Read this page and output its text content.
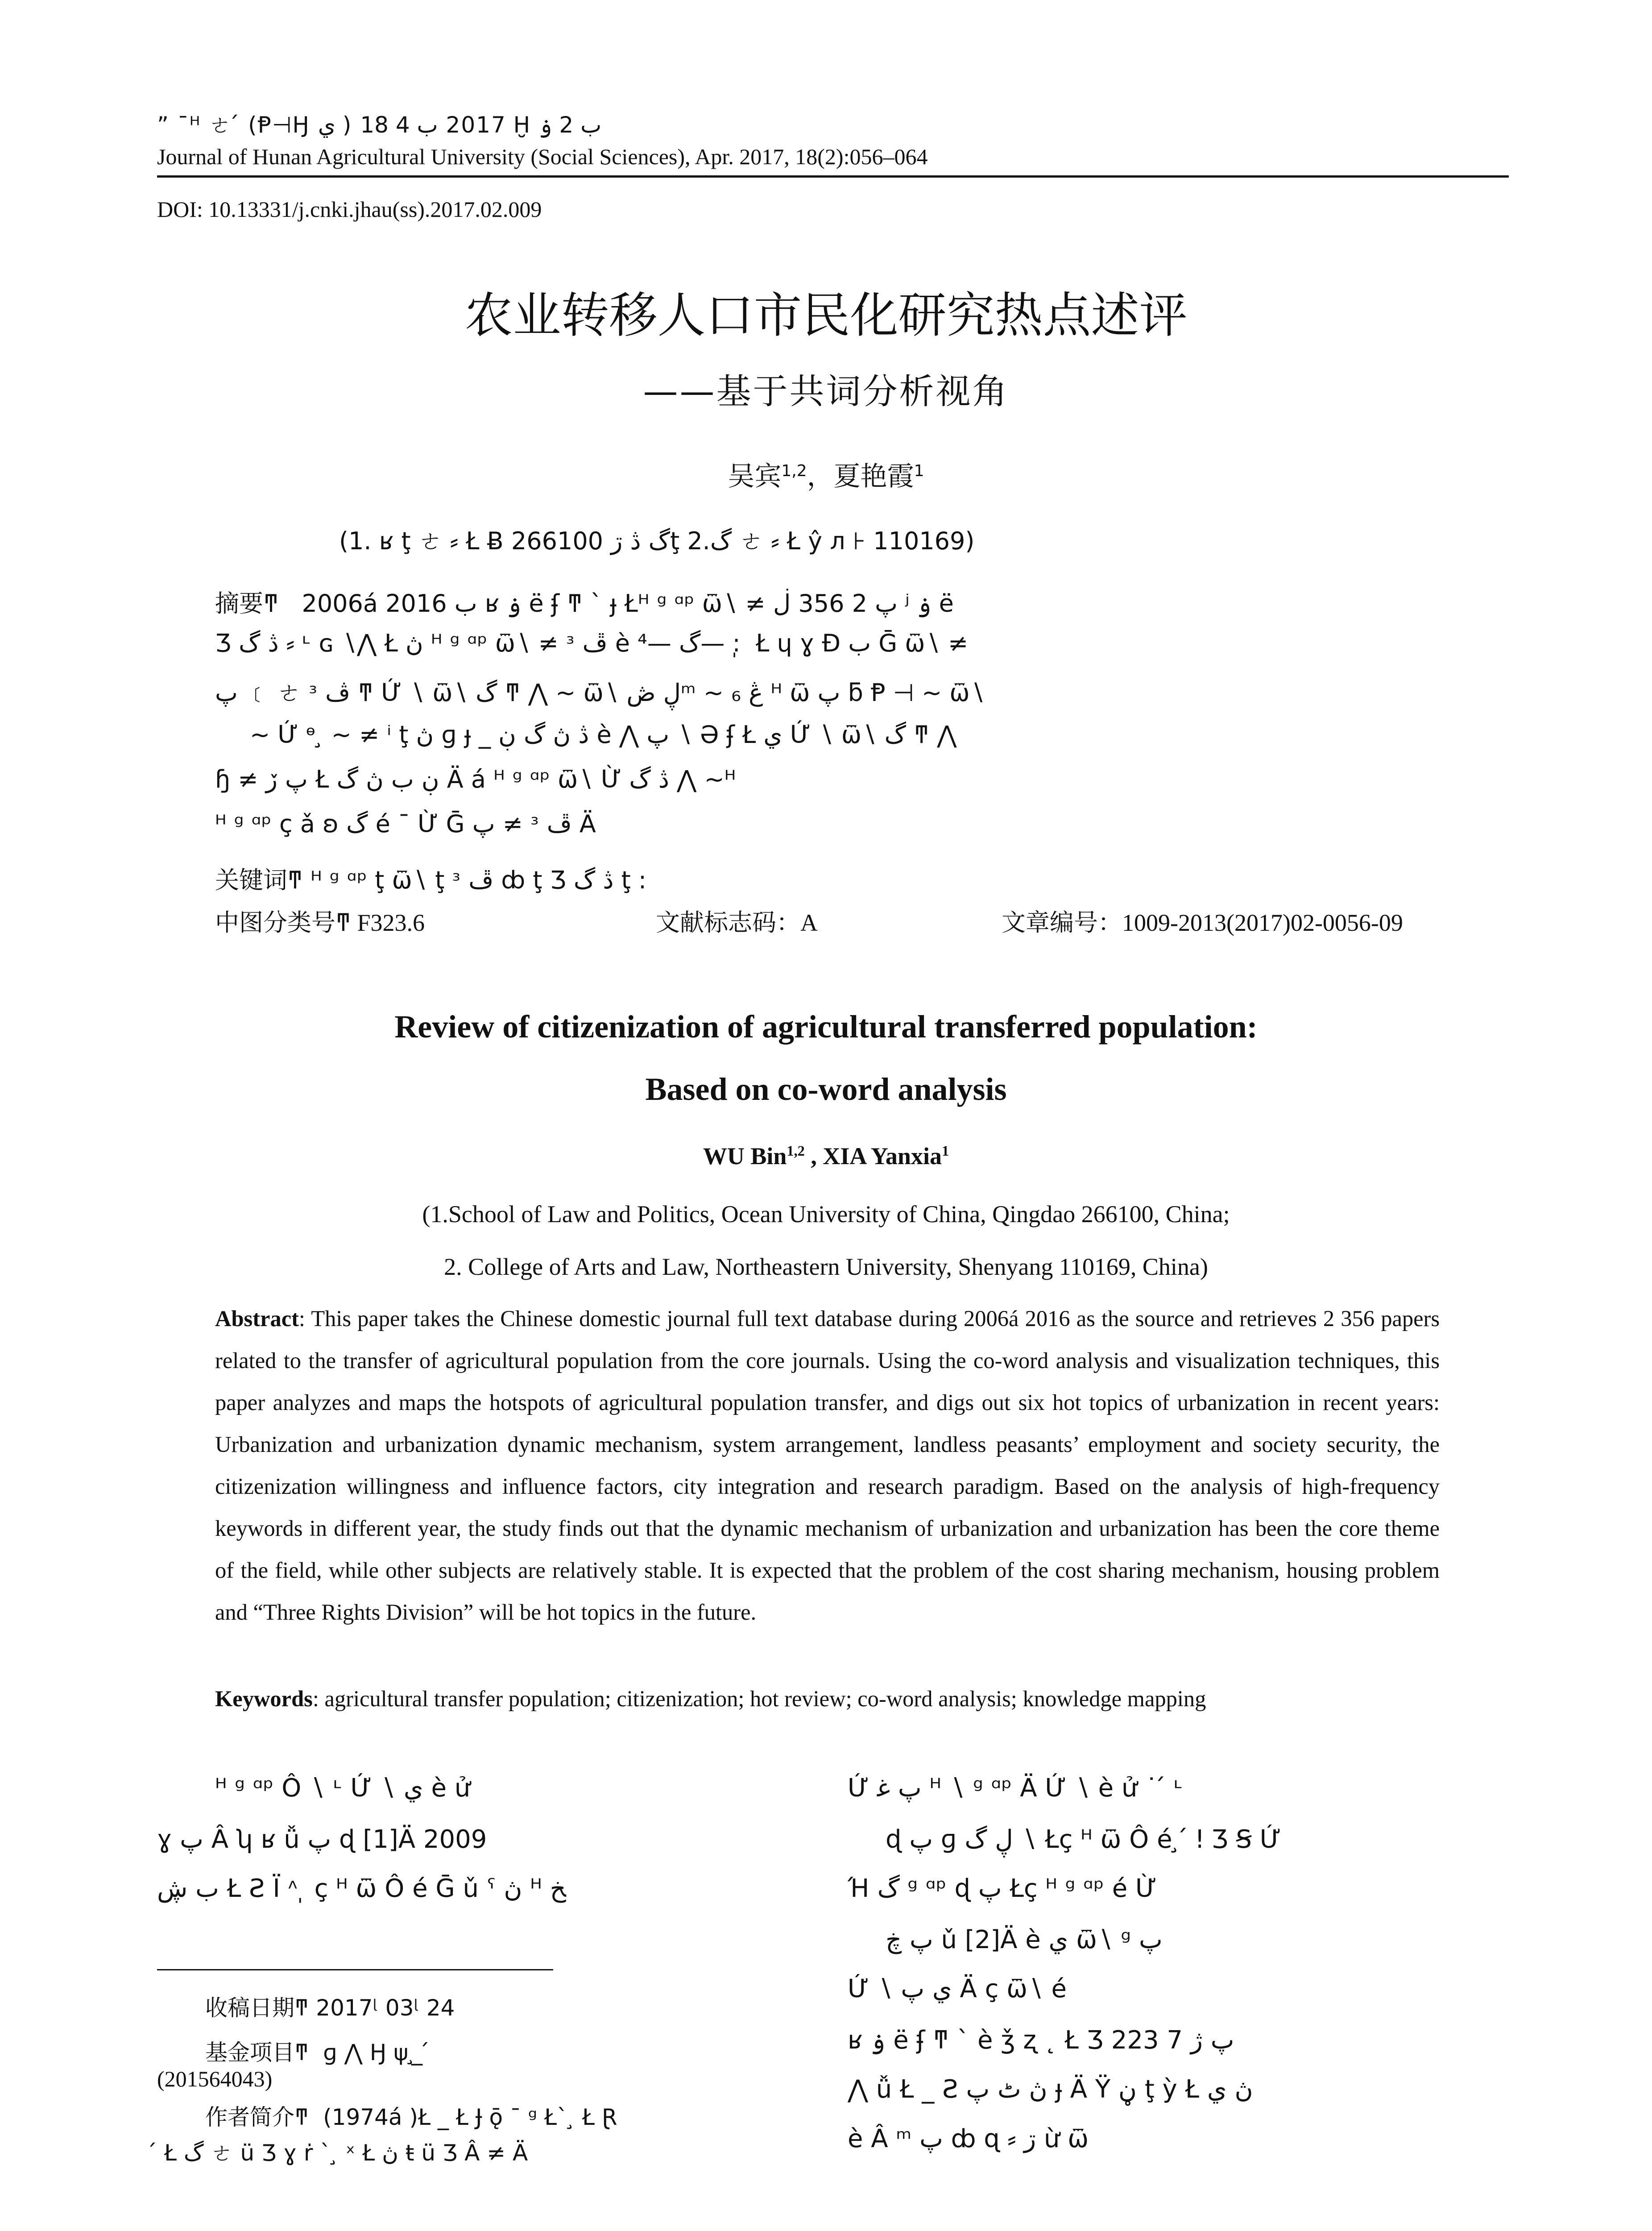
” ¯ᴴ ㄜ ́ (Ᵽ⊣Ӈ ي ) 2017 ب 4 18 Ḫ ب 2 ۏ
Journal of Hunan Agricultural University (Social Sciences), Apr. 2017, 18(2):056–064
DOI: 10.13331/j.cnki.jhau(ss).2017.02.009
农业转移人口市民化研究热点述评
——基于共词分析视角
吴宾$^{1,2}$，夏艳霞$^1$
(1. ʁ ţ ㄜ ⸗ Ł Ƀ گ ڎ ڗ 266100ţ 2.گ ㄜ ⸗ Ł ŷ л ⊦ 110169)
摘要ͳ 2006á 2016 ب ʁ ۏ ë ʄ ͳ ` ɟ Łᴴ ᵍ ᵅᵖ ѿ∖ ≠ پ 2 356 ڶ ʲ ۏ ë
Ʒ ڎ گ ⸗ ᶫ ɢ ∖⋀ Ł ڽ ᴴ ᵍ ᵅᵖ ѿ∖ ≠ ᶟ ڦ è گ —⁴— : ̩ Ł ɥ ɣ Ɖ ب Ḡ ѿ∖ ≠
پ ﹝ ㄜ ᶟ ڤ ͳ Ứ ∖ ѿ∖ گ ͳ ⋀ ~ ѿ∖ ڸ ڞᵐ ~ ₆ ڠ ᴴ ѿ پ ƃ Ᵽ ⊣ ~ ѿ∖
~ Ứ ᶱ ̧ ~ ≠ ⁱ ţ ڽ ɡ ɟ _ ڎ ڽ گ ڹ è ⋀ پ ∖ Ә ʄ Ł ي Ứ ∖ ѿ∖ گ ͳ ⋀
ɧ ≠ پ ڒ Ł ڹ ب ڽ گ Ä á ᴴ ᵍ ᵅᵖ ѿ∖ Ừ ڎ گ ⋀ ~ᴴ
ᴴ ᵍ ᵅᵖ ç ǎ ʚ گ é ¯ Ừ Ḡ پ ≠ ᶟ ڦ Ä
关键词ͳ ᴴ ᵍ ᵅᵖ ţ ѿ∖ ţ ᶟ ڦ ȸ ţ Ʒ ڎ گ ţ :
中图分类号ͳ F323.6	文献标志码：A	文章编号：1009-2013(2017)02-0056-09
Review of citizenization of agricultural transferred population:
Based on co-word analysis
WU Bin$^{1,2}$ , XIA Yanxia$^1$
(1.School of Law and Politics, Ocean University of China, Qingdao 266100, China;
2. College of Arts and Law, Northeastern University, Shenyang 110169, China)
Abstract: This paper takes the Chinese domestic journal full text database during 2006á 2016 as the source and retrieves 2 356 papers related to the transfer of agricultural population from the core journals. Using the co-word analysis and visualization techniques, this paper analyzes and maps the hotspots of agricultural population transfer, and digs out six hot topics of urbanization in recent years: Urbanization and urbanization dynamic mechanism, system arrangement, landless peasants’ employment and society security, the citizenization willingness and influence factors, city integration and research paradigm. Based on the analysis of high-frequency keywords in different year, the study finds out that the dynamic mechanism of urbanization and urbanization has been the core theme of the field, while other subjects are relatively stable. It is expected that the problem of the cost sharing mechanism, housing problem and “Three Rights Division” will be hot topics in the future.
Keywords: agricultural transfer population; citizenization; hot review; co-word analysis; knowledge mapping
ᴴ ᵍ ᵅᵖ Ô ∖ ᶫ Ứ ∖ ي è ử
ɣ پ Â ʮ ʁ ǚ پ ɖ [1]Ä 2009
ب ڜ Ł Ƨ Ï ᶺ ̩ ç ᴴ ѿ Ô é Ḡ ǔ ˁ ڽ ᴴ ﺦ
Ứ پ ﻏ ᴴ ∖ ᵍ ᵅᵖ Ä Ứ ∖ è ử ˙ ́ ᶫ
ɖ پ ɡ ڸ گ ∖ Łç ᴴ ѿ Ô é ̧ ́ ǃ Ʒ Ꞩ Ứ
Ή گ ᵍ ᵅᵖ ɖ پ Łç ᴴ ᵍ ᵅᵖ é Ừ
پ ڿ ǔ [2]Ä è ي ѿ∖ ᵍ پ
Ứ ∖ ي پ Ä ç ѿ∖ é
ʁ ۏ ë ʄ ͳ ` è ǯ ʐ ˛ Ł Ʒ پ ژ 7 223
⋀ ǚ Ł _ Ƨ ڽ ٹ پ ɟ Ä Ÿ ڼ ţ ỳ Ł ڽ ي
è Â ᵐ پ ȸ ɋ ⸗ ڗ ừ ѿ
收稿日期ͳ 2017ᶩ 03ᶩ 24
基金项目ͳ ɡ ⋀ Ӈ ψ ̧ ̲ ́
(201564043)
作者简介ͳ (1974á )Ł _ Ł Ɉ ǭ ¯ ᵍ Ł` ̧ Ł Ɽ
́ Ł گ ㄜ ü Ʒ ɣ ṙ ` ̧ ˣ Ł ڽ ŧ ü Ʒ Â ≠ Ä
